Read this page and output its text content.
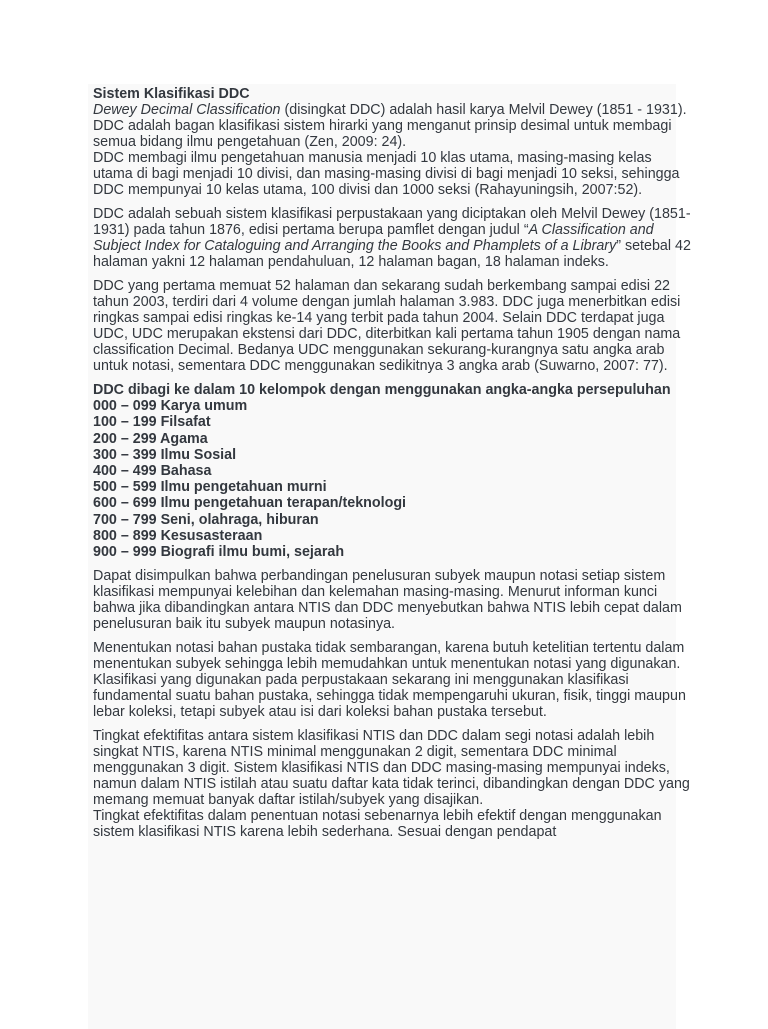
Sistem Klasifikasi DDC

Dewey Decimal Classification (disingkat DDC) adalah hasil karya Melvil Dewey (1851 - 1931). DDC adalah bagan klasifikasi sistem hirarki yang menganut prinsip desimal untuk membagi semua bidang ilmu pengetahuan (Zen, 2009: 24).
DDC membagi ilmu pengetahuan manusia menjadi 10 klas utama, masing-masing kelas utama di bagi menjadi 10 divisi, dan masing-masing divisi di bagi menjadi 10 seksi, sehingga DDC mempunyai 10 kelas utama, 100 divisi dan 1000 seksi (Rahayuningsih, 2007:52).

DDC adalah sebuah sistem klasifikasi perpustakaan yang diciptakan oleh Melvil Dewey (1851-1931) pada tahun 1876, edisi pertama berupa pamflet dengan judul “A Classification and Subject Index for Cataloguing and Arranging the Books and Phamplets of a Library” setebal 42 halaman yakni 12 halaman pendahuluan, 12 halaman bagan, 18 halaman indeks.

DDC yang pertama memuat 52 halaman dan sekarang sudah berkembang sampai edisi 22 tahun 2003, terdiri dari 4 volume dengan jumlah halaman 3.983. DDC juga menerbitkan edisi ringkas sampai edisi ringkas ke-14 yang terbit pada tahun 2004. Selain DDC terdapat juga UDC, UDC merupakan ekstensi dari DDC, diterbitkan kali pertama tahun 1905 dengan nama classification Decimal. Bedanya UDC menggunakan sekurang-kurangnya satu angka arab untuk notasi, sementara DDC menggunakan sedikitnya 3 angka arab (Suwarno, 2007: 77).

DDC dibagi ke dalam 10 kelompok dengan menggunakan angka-angka persepuluhan
000 – 099 Karya umum
100 – 199 Filsafat
200 – 299 Agama
300 – 399 Ilmu Sosial
400 – 499 Bahasa
500 – 599 Ilmu pengetahuan murni
600 – 699 Ilmu pengetahuan terapan/teknologi
700 – 799 Seni, olahraga, hiburan
800 – 899 Kesusasteraan
900 – 999 Biografi ilmu bumi, sejarah

Dapat disimpulkan bahwa perbandingan penelusuran subyek maupun notasi setiap sistem klasifikasi mempunyai kelebihan dan kelemahan masing-masing. Menurut informan kunci bahwa jika dibandingkan antara NTIS dan DDC menyebutkan bahwa NTIS lebih cepat dalam penelusuran baik itu subyek maupun notasinya.

Menentukan notasi bahan pustaka tidak sembarangan, karena butuh ketelitian tertentu dalam menentukan subyek sehingga lebih memudahkan untuk menentukan notasi yang digunakan. Klasifikasi yang digunakan pada perpustakaan sekarang ini menggunakan klasifikasi fundamental suatu bahan pustaka, sehingga tidak mempengaruhi ukuran, fisik, tinggi maupun lebar koleksi, tetapi subyek atau isi dari koleksi bahan pustaka tersebut.

Tingkat efektifitas antara sistem klasifikasi NTIS dan DDC dalam segi notasi adalah lebih singkat NTIS, karena NTIS minimal menggunakan 2 digit, sementara DDC minimal menggunakan 3 digit. Sistem klasifikasi NTIS dan DDC masing-masing mempunyai indeks, namun dalam NTIS istilah atau suatu daftar kata tidak terinci, dibandingkan dengan DDC yang memang memuat banyak daftar istilah/subyek yang disajikan.
Tingkat efektifitas dalam penentuan notasi sebenarnya lebih efektif dengan menggunakan sistem klasifikasi NTIS karena lebih sederhana. Sesuai dengan pendapat
